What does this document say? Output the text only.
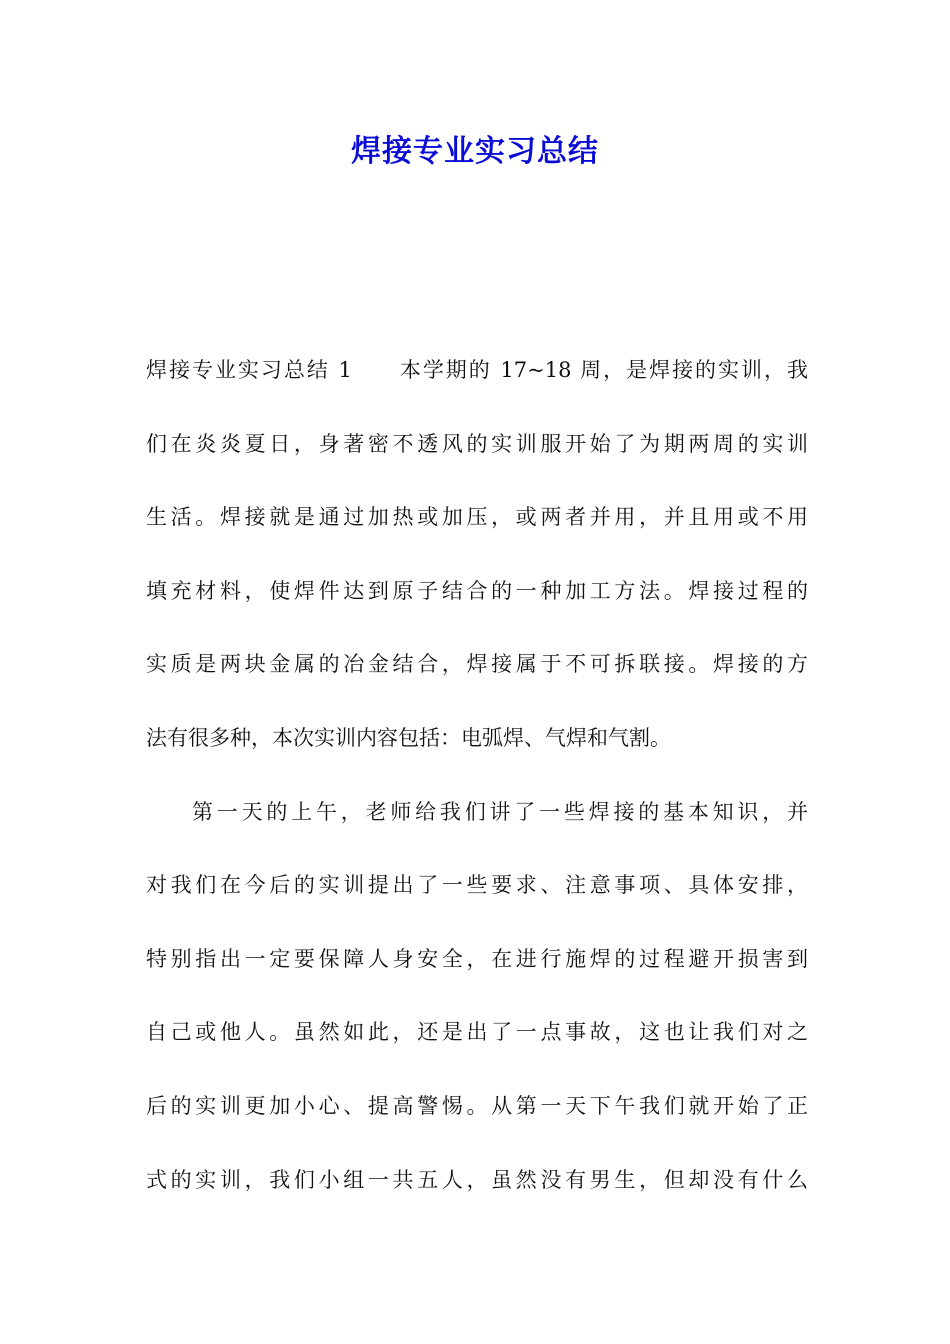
焊接专业实习总结
焊接专业实习总结 1　　本学期的 17~18 周，是焊接的实训，我
们在炎炎夏日，身著密不透风的实训服开始了为期两周的实训
生活。焊接就是通过加热或加压，或两者并用，并且用或不用
填充材料，使焊件达到原子结合的一种加工方法。焊接过程的
实质是两块金属的冶金结合，焊接属于不可拆联接。焊接的方
法有很多种，本次实训内容包括：电弧焊、气焊和气割。
第一天的上午，老师给我们讲了一些焊接的基本知识，并
对我们在今后的实训提出了一些要求、注意事项、具体安排，
特别指出一定要保障人身安全，在进行施焊的过程避开损害到
自己或他人。虽然如此，还是出了一点事故，这也让我们对之
后的实训更加小心、提高警惕。从第一天下午我们就开始了正
式的实训，我们小组一共五人，虽然没有男生，但却没有什么
